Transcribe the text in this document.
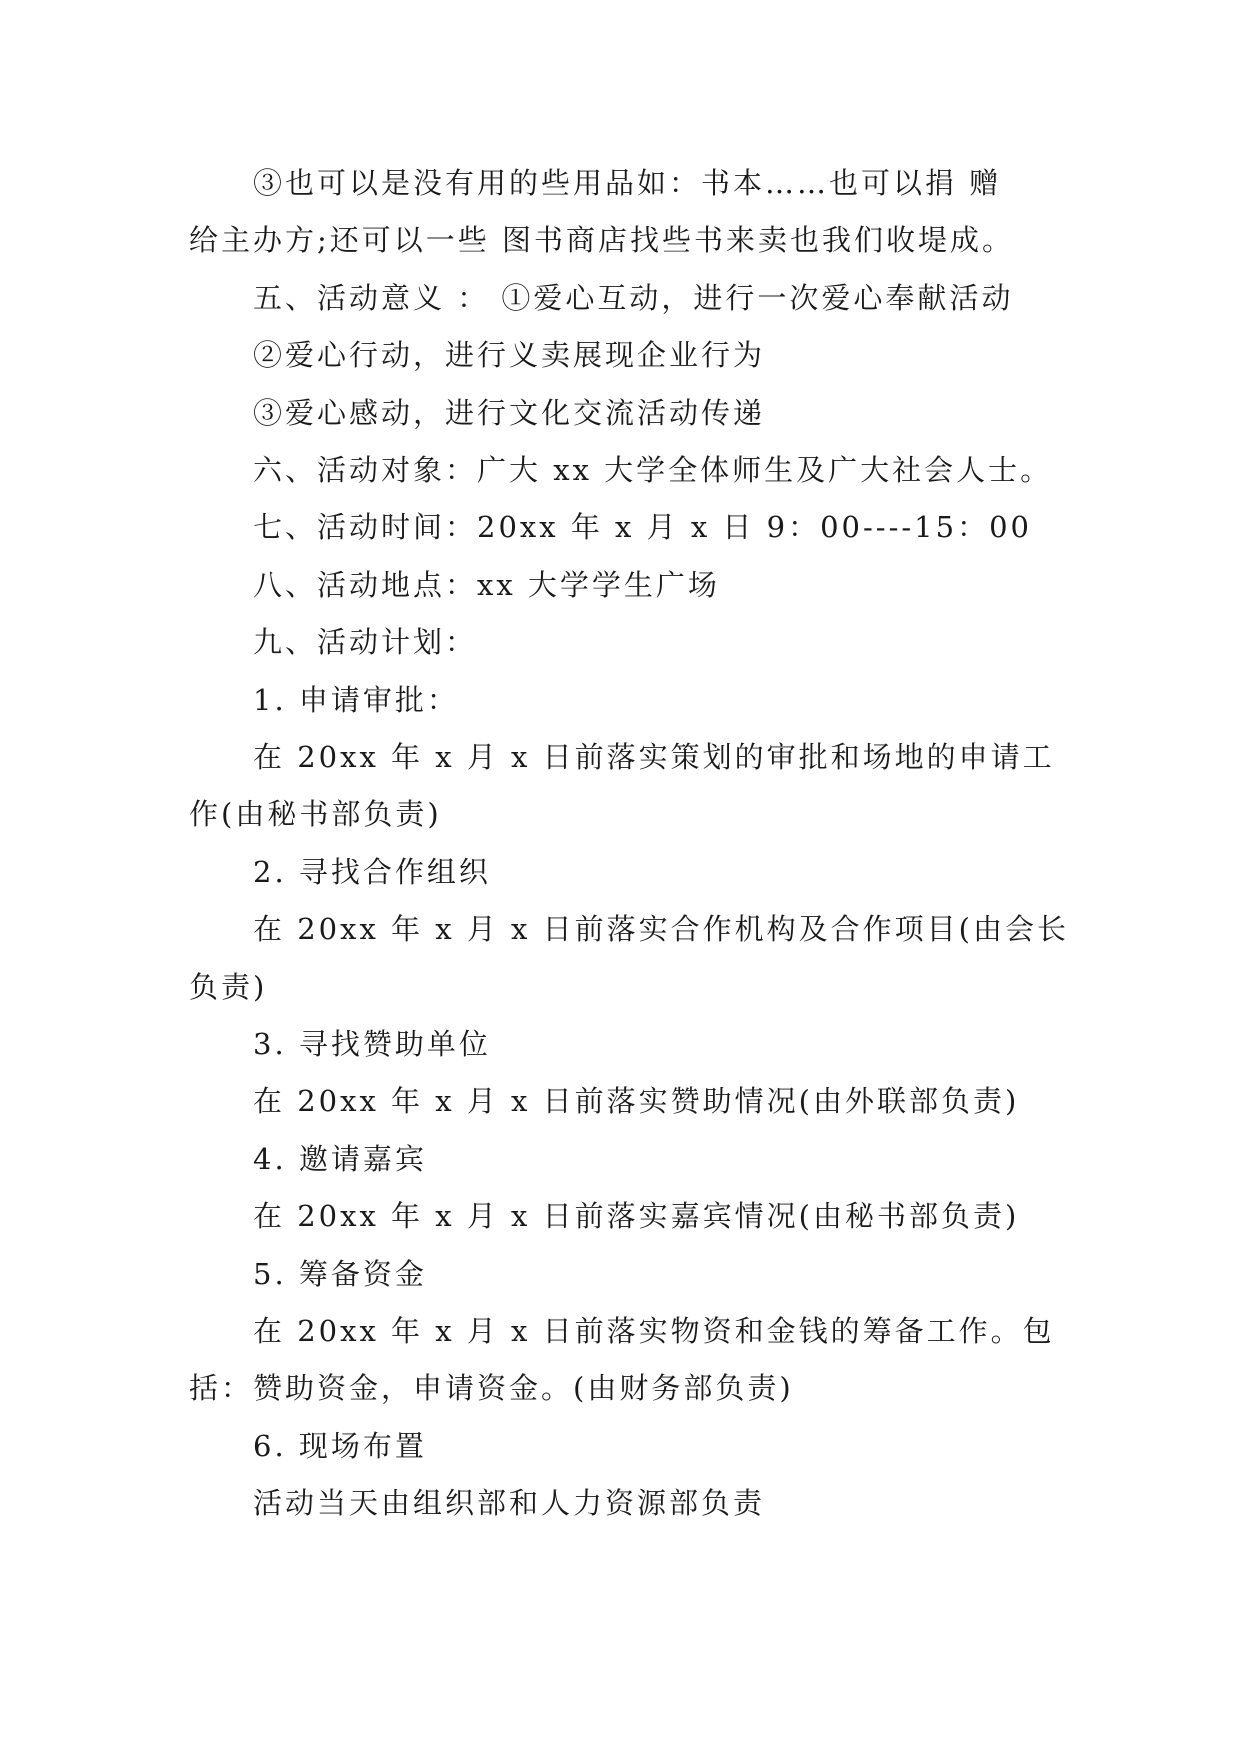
③也可以是没有用的些用品如：书本……也可以捐 赠
给主办方;还可以一些 图书商店找些书来卖也我们收堤成。
五、活动意义 ： ①爱心互动，进行一次爱心奉献活动
②爱心行动，进行义卖展现企业行为
③爱心感动，进行文化交流活动传递
六、活动对象：广大 xx 大学全体师生及广大社会人士。
七、活动时间：20xx 年 x 月 x 日 9：00----15：00
八、活动地点：xx 大学学生广场
九、活动计划：
1. 申请审批：
在 20xx 年 x 月 x 日前落实策划的审批和场地的申请工
作(由秘书部负责)
2. 寻找合作组织
在 20xx 年 x 月 x 日前落实合作机构及合作项目(由会长
负责)
3. 寻找赞助单位
在 20xx 年 x 月 x 日前落实赞助情况(由外联部负责)
4. 邀请嘉宾
在 20xx 年 x 月 x 日前落实嘉宾情况(由秘书部负责)
5. 筹备资金
在 20xx 年 x 月 x 日前落实物资和金钱的筹备工作。包
括：赞助资金，申请资金。(由财务部负责)
6. 现场布置
活动当天由组织部和人力资源部负责
